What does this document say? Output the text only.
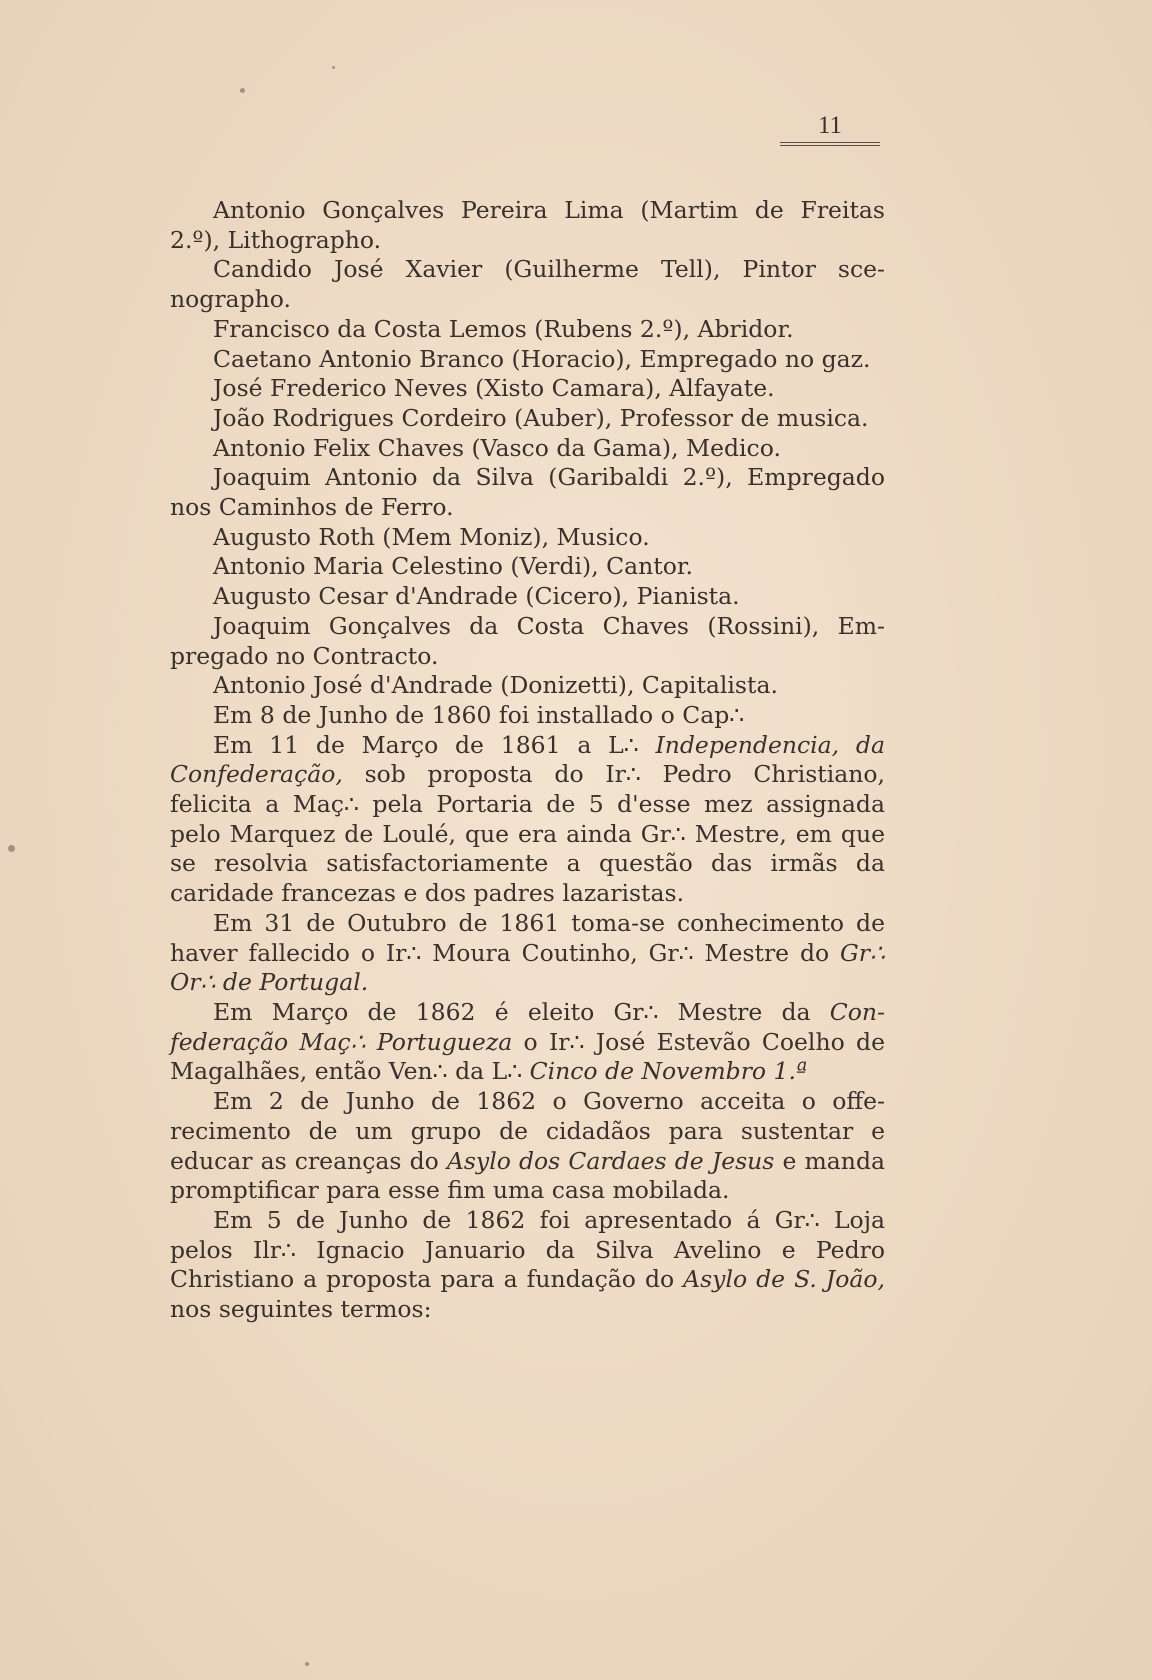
11

Antonio Gonçalves Pereira Lima (Martim de Freitas 2.º), Lithographo.

Candido José Xavier (Guilherme Tell), Pintor scenographo.

Francisco da Costa Lemos (Rubens 2.º), Abridor.

Caetano Antonio Branco (Horacio), Empregado no gaz.

José Frederico Neves (Xisto Camara), Alfayate.

João Rodrigues Cordeiro (Auber), Professor de musica.

Antonio Felix Chaves (Vasco da Gama), Medico.

Joaquim Antonio da Silva (Garibaldi 2.º), Empregado nos Caminhos de Ferro.

Augusto Roth (Mem Moniz), Musico.

Antonio Maria Celestino (Verdi), Cantor.

Augusto Cesar d'Andrade (Cicero), Pianista.

Joaquim Gonçalves da Costa Chaves (Rossini), Empregado no Contracto.

Antonio José d'Andrade (Donizetti), Capitalista.

Em 8 de Junho de 1860 foi installado o Cap∴

Em 11 de Março de 1861 a L∴ Independencia, da Confederação, sob proposta do Ir∴ Pedro Christiano, felicita a Maç∴ pela Portaria de 5 d'esse mez assignada pelo Marquez de Loulé, que era ainda Gr∴ Mestre, em que se resolvia satisfactoriamente a questão das irmãs da caridade francezas e dos padres lazaristas.

Em 31 de Outubro de 1861 toma-se conhecimento de haver fallecido o Ir∴ Moura Coutinho, Gr∴ Mestre do Gr∴ Or∴ de Portugal.

Em Março de 1862 é eleito Gr∴ Mestre da Confederação Maç∴ Portugueza o Ir∴ José Estevão Coelho de Magalhães, então Ven∴ da L∴ Cinco de Novembro 1.ª

Em 2 de Junho de 1862 o Governo acceita o offerecimento de um grupo de cidadãos para sustentar e educar as creanças do Asylo dos Cardaes de Jesus e manda promptificar para esse fim uma casa mobilada.

Em 5 de Junho de 1862 foi apresentado á Gr∴ Loja pelos Ilr∴ Ignacio Januario da Silva Avelino e Pedro Christiano a proposta para a fundação do Asylo de S. João, nos seguintes termos:
